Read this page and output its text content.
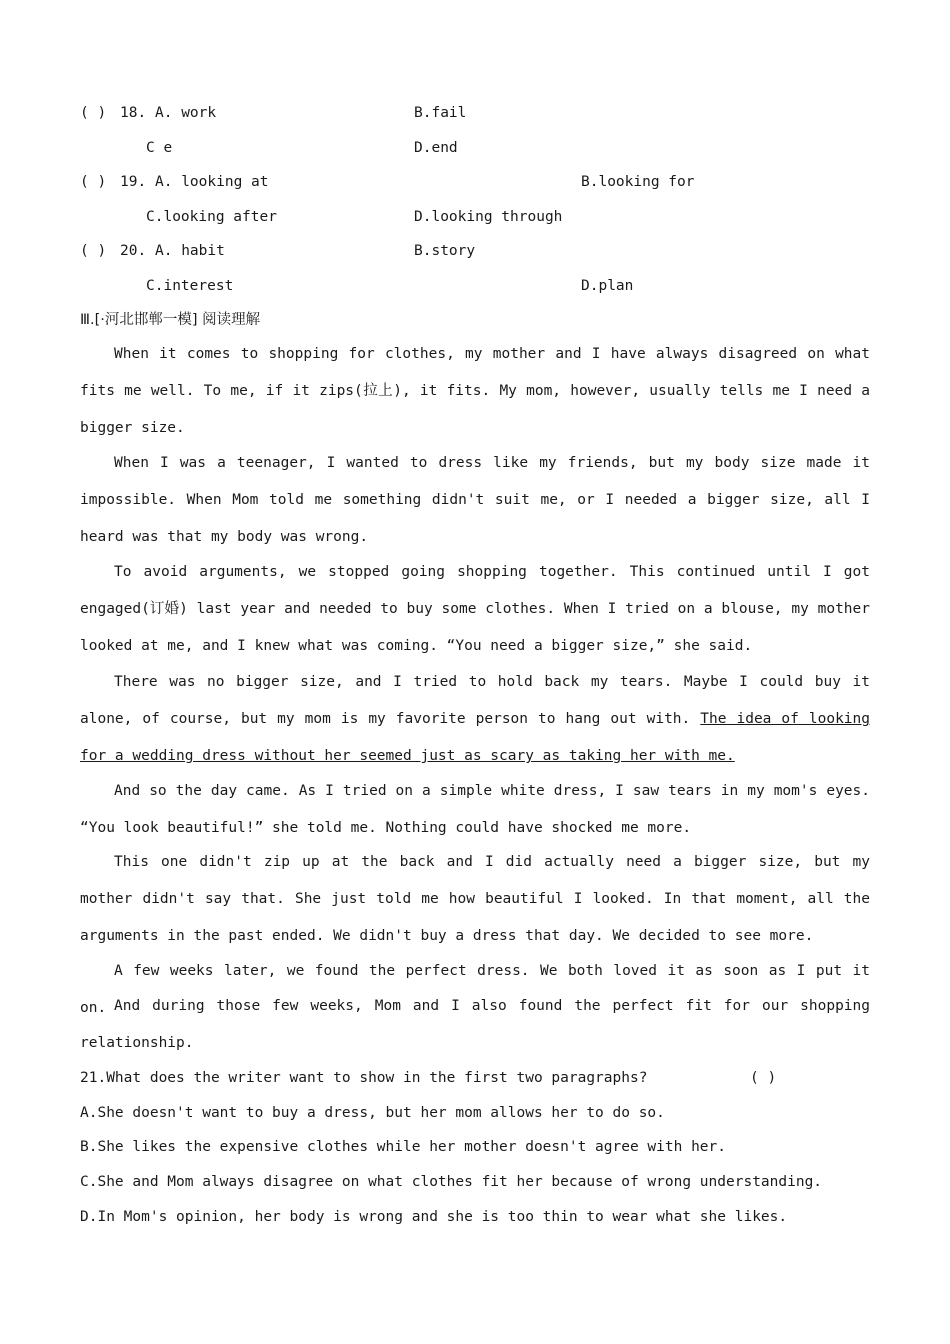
( ) 18. A. work	B.fail
C e	D.end
( ) 19. A. looking at	B.looking for
C.looking after	D.looking through
( ) 20. A. habit	B.story
C.interest	D.plan
Ⅲ.[·河北邯郸一模] 阅读理解

When it comes to shopping for clothes, my mother and I have always disagreed on what fits me well. To me, if it zips(拉上), it fits. My mom, however, usually tells me I need a bigger size.

When I was a teenager, I wanted to dress like my friends, but my body size made it impossible. When Mom told me something didn't suit me, or I needed a bigger size, all I heard was that my body was wrong.

To avoid arguments, we stopped going shopping together. This continued until I got engaged(订婚) last year and needed to buy some clothes. When I tried on a blouse, my mother looked at me, and I knew what was coming. “You need a bigger size,” she said.

There was no bigger size, and I tried to hold back my tears. Maybe I could buy it alone, of course, but my mom is my favorite person to hang out with. The idea of looking for a wedding dress without her seemed just as scary as taking her with me.

And so the day came. As I tried on a simple white dress, I saw tears in my mom's eyes. “You look beautiful!” she told me. Nothing could have shocked me more.

This one didn't zip up at the back and I did actually need a bigger size, but my mother didn't say that. She just told me how beautiful I looked. In that moment, all the arguments in the past ended. We didn't buy a dress that day. We decided to see more.

A few weeks later, we found the perfect dress. We both loved it as soon as I put it on. And during those few weeks, Mom and I also found the perfect fit for our shopping relationship.

21.What does the writer want to show in the first two paragraphs?	( )
A.She doesn't want to buy a dress, but her mom allows her to do so.
B.She likes the expensive clothes while her mother doesn't agree with her.
C.She and Mom always disagree on what clothes fit her because of wrong understanding.
D.In Mom's opinion, her body is wrong and she is too thin to wear what she likes.
